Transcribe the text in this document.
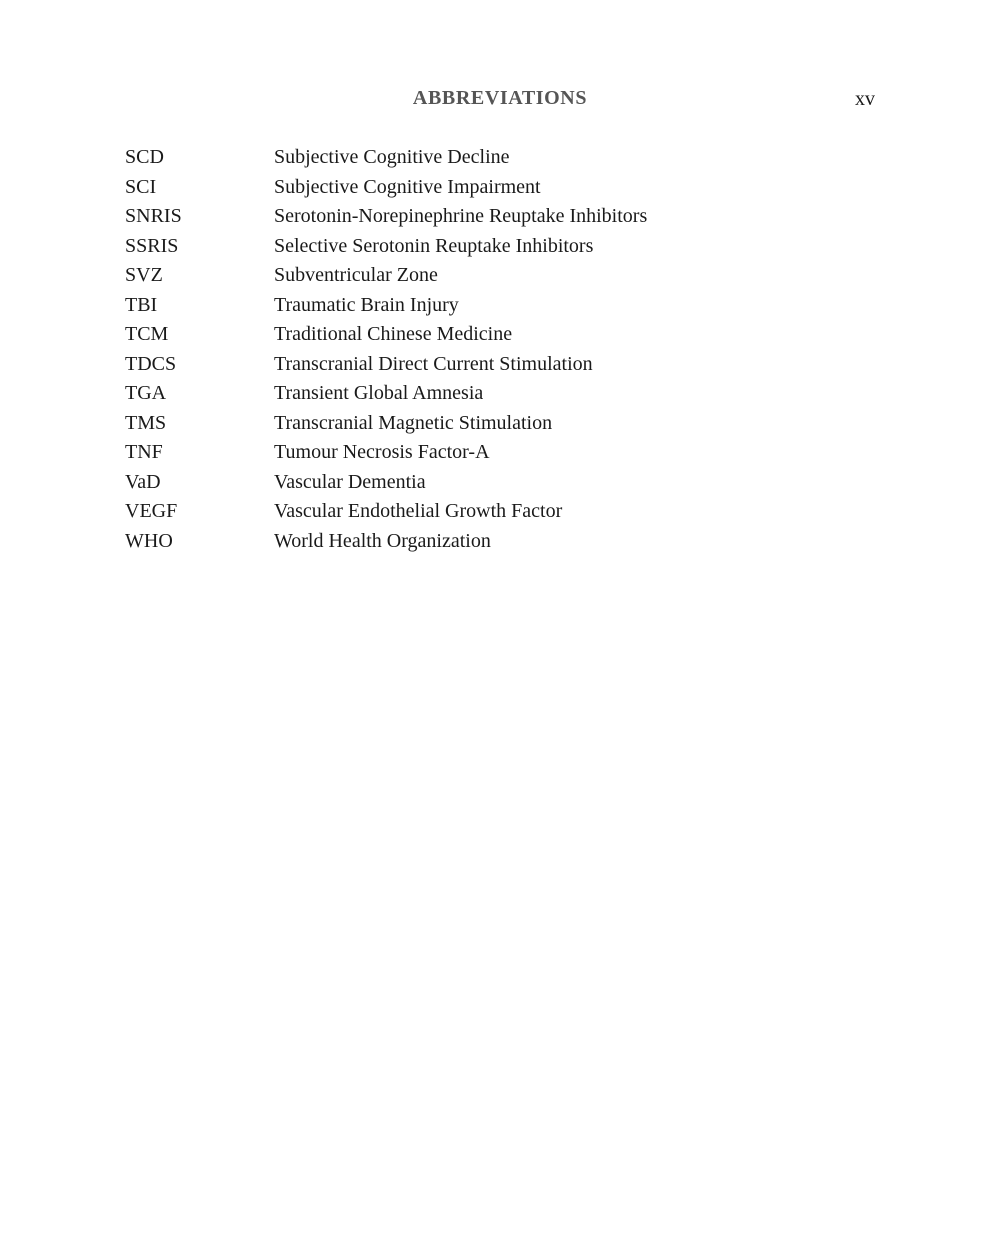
ABBREVIATIONS	xv
SCD	Subjective Cognitive Decline
SCI	Subjective Cognitive Impairment
SNRIS	Serotonin-Norepinephrine Reuptake Inhibitors
SSRIS	Selective Serotonin Reuptake Inhibitors
SVZ	Subventricular Zone
TBI	Traumatic Brain Injury
TCM	Traditional Chinese Medicine
TDCS	Transcranial Direct Current Stimulation
TGA	Transient Global Amnesia
TMS	Transcranial Magnetic Stimulation
TNF	Tumour Necrosis Factor-A
VaD	Vascular Dementia
VEGF	Vascular Endothelial Growth Factor
WHO	World Health Organization
